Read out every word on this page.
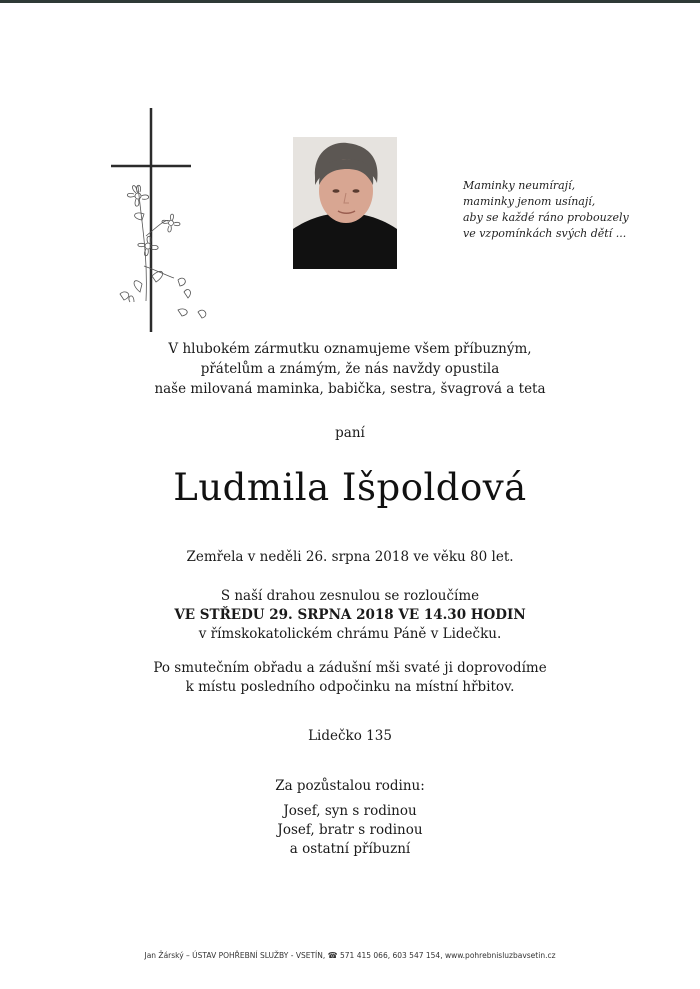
Maminky neumírají,
maminky jenom usínají,
aby se každé ráno probouzely
ve vzpomínkách svých dětí ...
V hlubokém zármutku oznamujeme všem příbuzným,
přátelům a známým, že nás navždy opustila
naše milovaná maminka, babička, sestra, švagrová a teta
paní
Ludmila Išpoldová
Zemřela v neděli 26. srpna 2018 ve věku 80 let.
S naší drahou zesnulou se rozloučíme
VE STŘEDU 29. SRPNA 2018 VE 14.30 HODIN
v římskokatolickém chrámu Páně v Lidečku.
Po smutečním obřadu a zádušní mši svaté ji doprovodíme
k místu posledního odpočinku na místní hřbitov.
Lidečko 135
Za pozůstalou rodinu:
Josef, syn s rodinou
Josef, bratr s rodinou
a ostatní příbuzní
Jan Žárský – ÚSTAV POHŘEBNÍ SLUŽBY - VSETÍN, ☎ 571 415 066, 603 547 154, www.pohrebnisluzbavsetin.cz
